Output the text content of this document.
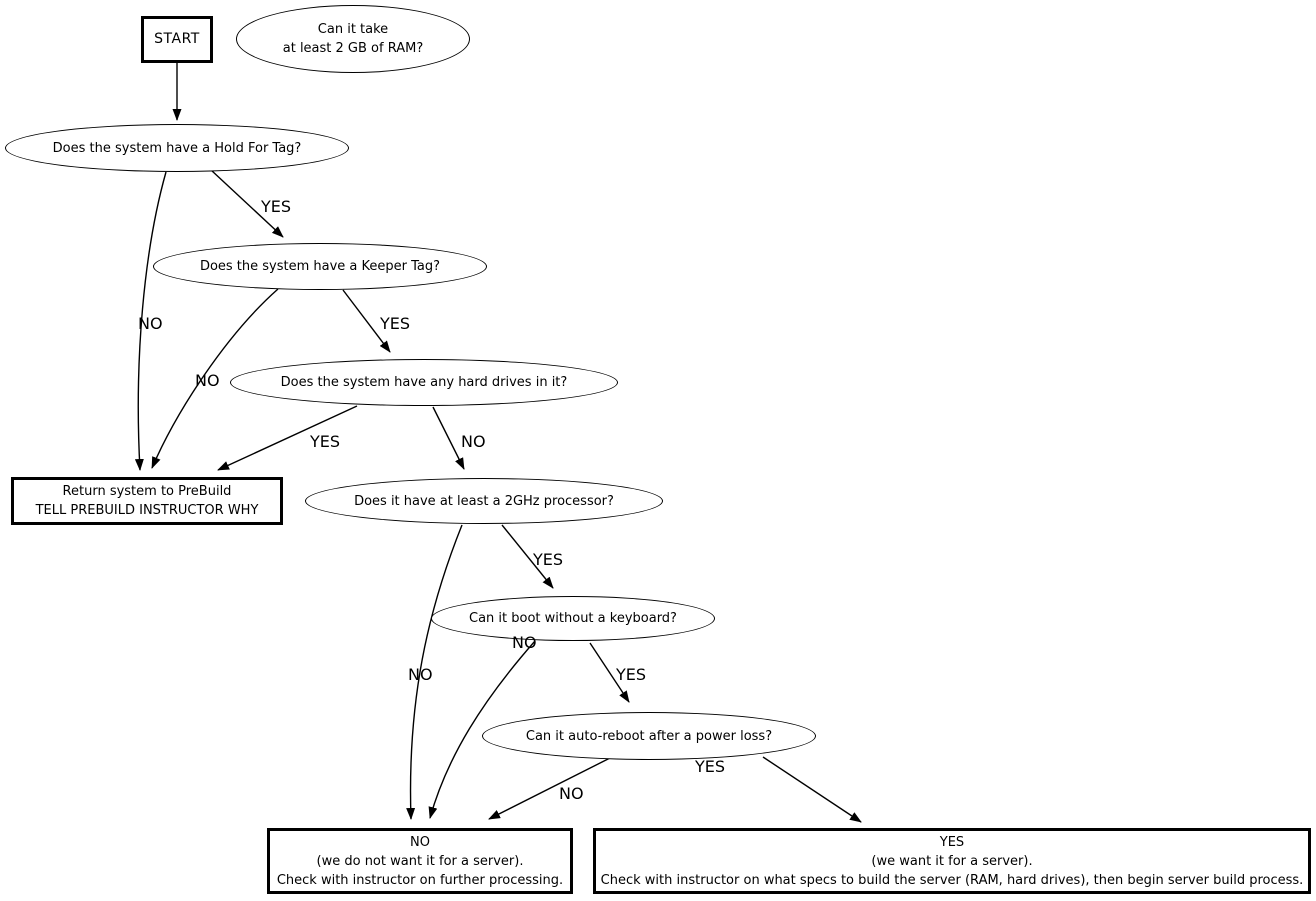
START
Can it take
at least 2 GB of RAM?
Does the system have a Hold For Tag?
Does the system have a Keeper Tag?
Does the system have any hard drives in it?
Return system to PreBuild
TELL PREBUILD INSTRUCTOR WHY
Does it have at least a 2GHz processor?
Can it boot without a keyboard?
Can it auto-reboot after a power loss?
NO
(we do not want it for a server).
Check with instructor on further processing.
YES
(we want it for a server).
Check with instructor on what specs to build the server (RAM, hard drives), then begin server build process.
YES
NO	YES
NO
YES	NO
YES
NO
NO
YES
NO
YES
